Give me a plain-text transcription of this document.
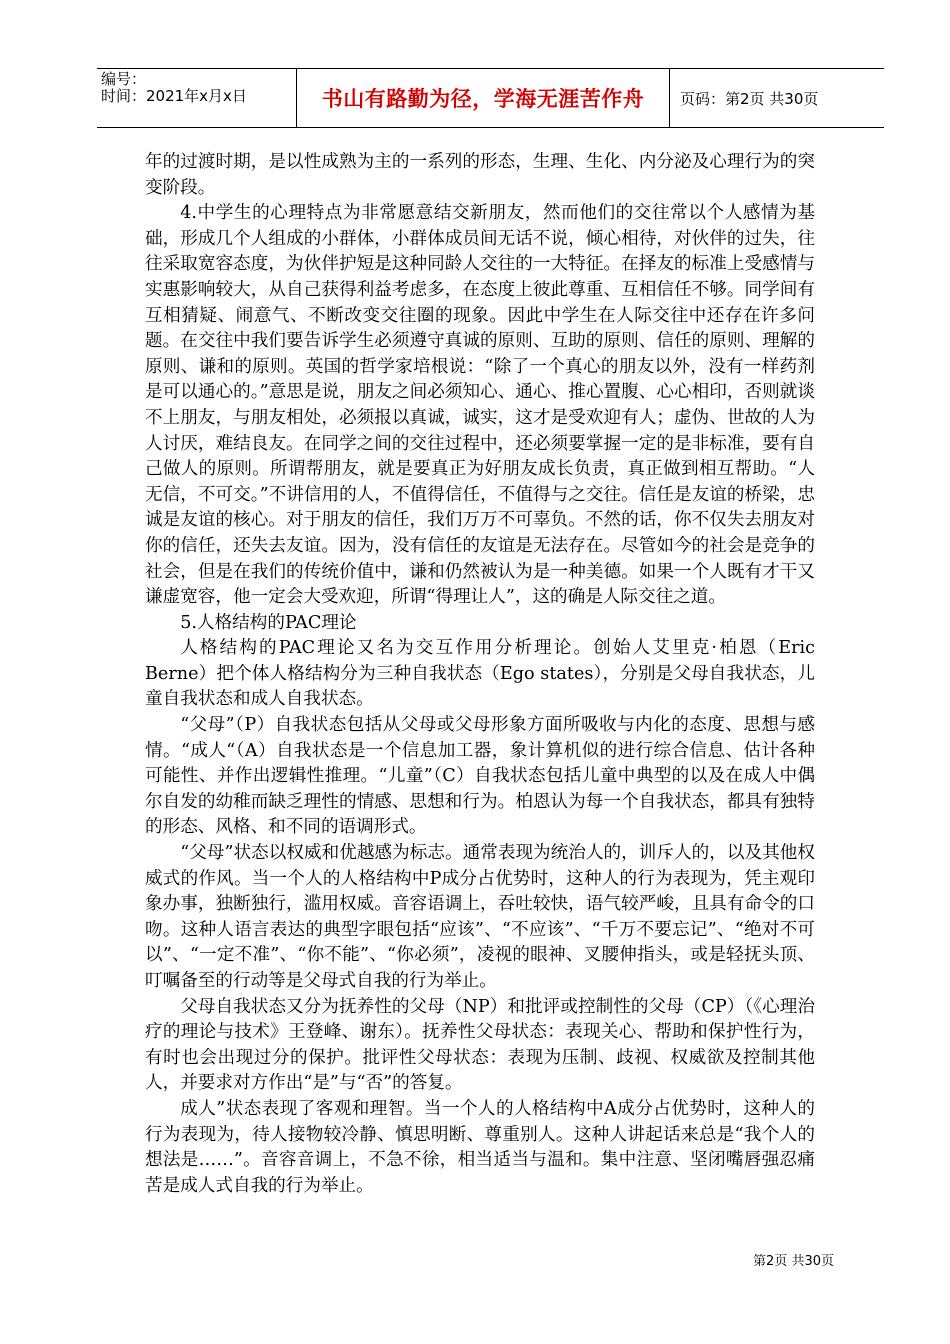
编号：
时间：2021年x月x日	书山有路勤为径，学海无涯苦作舟 页码：第2页 共30页

年的过渡时期，是以性成熟为主的一系列的形态，生理、生化、内分泌及心理行为的突变阶段。

4.中学生的心理特点为非常愿意结交新朋友，然而他们的交往常以个人感情为基础，形成几个人组成的小群体，小群体成员间无话不说，倾心相待，对伙伴的过失，往往采取宽容态度，为伙伴护短是这种同龄人交往的一大特征。在择友的标准上受感情与实惠影响较大，从自己获得利益考虑多，在态度上彼此尊重、互相信任不够。同学间有互相猜疑、闹意气、不断改变交往圈的现象。因此中学生在人际交往中还存在许多问题。在交往中我们要告诉学生必须遵守真诚的原则、互助的原则、信任的原则、理解的原则、谦和的原则。英国的哲学家培根说：“除了一个真心的朋友以外，没有一样药剂是可以通心的。”意思是说，朋友之间必须知心、通心、推心置腹、心心相印，否则就谈不上朋友，与朋友相处，必须报以真诚，诚实，这才是受欢迎有人；虚伪、世故的人为人讨厌，难结良友。在同学之间的交往过程中，还必须要掌握一定的是非标准，要有自己做人的原则。所谓帮朋友，就是要真正为好朋友成长负责，真正做到相互帮助。“人无信，不可交。”不讲信用的人，不值得信任，不值得与之交往。信任是友谊的桥梁，忠诚是友谊的核心。对于朋友的信任，我们万万不可辜负。不然的话，你不仅失去朋友对你的信任，还失去友谊。因为，没有信任的友谊是无法存在。尽管如今的社会是竞争的社会，但是在我们的传统价值中，谦和仍然被认为是一种美德。如果一个人既有才干又谦虚宽容，他一定会大受欢迎，所谓“得理让人”，这的确是人际交往之道。

5.人格结构的PAC理论

人格结构的PAC理论又名为交互作用分析理论。创始人艾里克·柏恩（Eric Berne）把个体人格结构分为三种自我状态（Ego states），分别是父母自我状态，儿童自我状态和成人自我状态。

“父母”（P）自我状态包括从父母或父母形象方面所吸收与内化的态度、思想与感情。“成人“（A）自我状态是一个信息加工器，象计算机似的进行综合信息、估计各种可能性、并作出逻辑性推理。“儿童”（C）自我状态包括儿童中典型的以及在成人中偶尔自发的幼稚而缺乏理性的情感、思想和行为。柏恩认为每一个自我状态，都具有独特的形态、风格、和不同的语调形式。

“父母”状态以权威和优越感为标志。通常表现为统治人的，训斥人的，以及其他权威式的作风。当一个人的人格结构中P成分占优势时，这种人的行为表现为，凭主观印象办事，独断独行，滥用权威。音容语调上，吞吐较快，语气较严峻，且具有命令的口吻。这种人语言表达的典型字眼包括“应该”、“不应该”、“千万不要忘记”、“绝对不可以”、“一定不准”、“你不能”、“你必须”，凌视的眼神、叉腰伸指头，或是轻抚头顶、叮嘱备至的行动等是父母式自我的行为举止。

父母自我状态又分为抚养性的父母（NP）和批评或控制性的父母（CP）（《心理治疗的理论与技术》王登峰、谢东）。抚养性父母状态：表现关心、帮助和保护性行为，有时也会出现过分的保护。批评性父母状态：表现为压制、歧视、权威欲及控制其他人，并要求对方作出“是”与“否”的答复。

成人”状态表现了客观和理智。当一个人的人格结构中A成分占优势时，这种人的行为表现为，待人接物较冷静、慎思明断、尊重别人。这种人讲起话来总是“我个人的想法是……”。音容音调上，不急不徐，相当适当与温和。集中注意、坚闭嘴唇强忍痛苦是成人式自我的行为举止。

第2页 共30页
